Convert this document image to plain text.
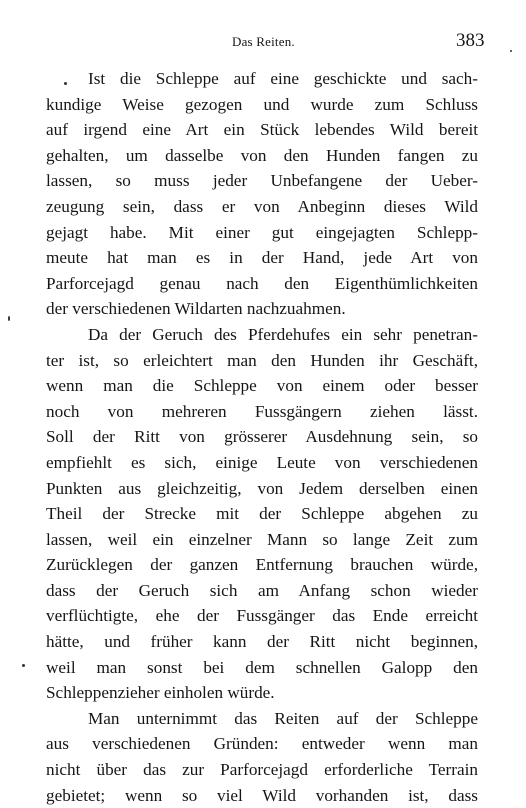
Das Reiten.	383
Ist die Schleppe auf eine geschickte und sach-
kundige Weise gezogen und wurde zum Schluss
auf irgend eine Art ein Stück lebendes Wild bereit
gehalten, um dasselbe von den Hunden fangen zu
lassen, so muss jeder Unbefangene der Ueber-
zeugung sein, dass er von Anbeginn dieses Wild
gejagt habe. Mit einer gut eingejagten Schlepp-
meute hat man es in der Hand, jede Art von
Parforcejagd genau nach den Eigenthümlichkeiten
der verschiedenen Wildarten nachzuahmen.
Da der Geruch des Pferdehufes ein sehr penetran-
ter ist, so erleichtert man den Hunden ihr Geschäft,
wenn man die Schleppe von einem oder besser
noch von mehreren Fussgängern ziehen lässt.
Soll der Ritt von grösserer Ausdehnung sein, so
empfiehlt es sich, einige Leute von verschiedenen
Punkten aus gleichzeitig, von Jedem derselben einen
Theil der Strecke mit der Schleppe abgehen zu
lassen, weil ein einzelner Mann so lange Zeit zum
Zurücklegen der ganzen Entfernung brauchen würde,
dass der Geruch sich am Anfang schon wieder
verflüchtigte, ehe der Fussgänger das Ende erreicht
hätte, und früher kann der Ritt nicht beginnen,
weil man sonst bei dem schnellen Galopp den
Schleppenzieher einholen würde.
Man unternimmt das Reiten auf der Schleppe
aus verschiedenen Gründen: entweder wenn man
nicht über das zur Parforcejagd erforderliche Terrain
gebietet; wenn so viel Wild vorhanden ist, dass
